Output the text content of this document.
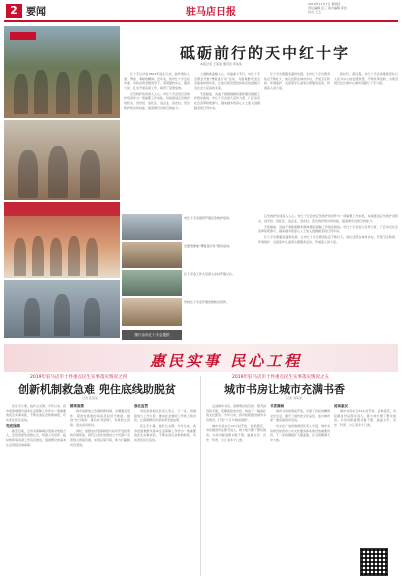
2 要闻	驻马店日报
2019年11月7日 星期四
责任编辑 张三 美术编辑 李四
校对 王五
市红十字会组织开展应急救护培训。
志愿者参加“博爱送万家”慰问活动。
红十字会工作人员深入乡村开展义诊。
学校红十字会开展急救知识宣传。
图片由市红十字会提供
砥砺前行的天中红十字
本报记者 王某某 通讯员 李某某

红十字运动自1863年诞生以来，始终秉持人道、博爱、奉献的精神。近年来，我市红十字会在市委、市政府的坚强领导下，紧紧围绕中心、服务大局，扎实开展各项工作，取得了显著成效。

应急救护培训深入人心。市红十字会把应急救护培训作为一项重要工作来抓，持续推进应急救护进机关、进学校、进社区、进企业、进农村，普及救护知识和技能，提高群众自救互救能力。

人道救助温暖人心。每逢重大节日，市红十字会都会开展“博爱送万家”活动，为困难群众送去米面油和慰问金，让他们感受到党和政府的温暖以及社会大家庭的关爱。

无偿献血、造血干细胞捐献和遗体器官捐献工作稳步推进。市红十字会加大宣传力度，广泛动员社会各界积极参与，越来越多的爱心人士加入到捐献者的行列中来。

红十字志愿服务蓬勃发展。全市红十字志愿者队伍不断壮大，他们活跃在城市乡村，开展卫生防病、环境保护、关爱留守儿童等志愿服务活动，传递着人间大爱。

新时代，新征程。市红十字会将继续坚持以人民为中心的发展思想，不断改革创新，为建设现代化区域中心城市贡献红十字力量。

应急救护培训深入人心。市红十字会把应急救护培训作为一项重要工作来抓，持续推进应急救护进机关、进学校、进社区、进企业、进农村，普及救护知识和技能，提高群众自救互救能力。

无偿献血、造血干细胞捐献和遗体器官捐献工作稳步推进。市红十字会加大宣传力度，广泛动员社会各界积极参与，越来越多的爱心人士加入到捐献者的行列中来。

红十字志愿服务蓬勃发展。全市红十字志愿者队伍不断壮大，他们活跃在城市乡村，开展卫生防病、环境保护、关爱留守儿童等志愿服务活动，传递着人间大爱。

惠民实事 民心工程
2019年驻马店市十件重点民生实事落实情况之四
创新机制救急难 兜住底线助脱贫
记者 张某某

民生无小事，枝叶总关情。今年以来，我市把困难群众基本生活保障工作作为一项重要的民生实事来抓，不断完善社会救助制度，切实兜住民生底线。

兜底保障

截至目前，全市共保障城乡低保对象数万人，发放低保资金数亿元，特困人员供养、临时救助等各项工作有序推进，困难群众的基本生活得到有效保障。

精准施策

我市创新建立急难救助机制，对遭遇突发性、紧迫性困难的家庭及时给予救助，做到“先行救助、事后补充说明”，有效防止因病、因灾返贫致贫。

同时，加强农村低保制度与扶贫开发政策的有效衔接，将符合条件的建档立卡贫困户全部纳入低保范围，实现应保尽保，助力打赢脱贫攻坚战。

强化监管

市民政局相关负责人表示，下一步，将继续加大工作力度，推动社会救助工作再上新台阶，让困难群众共享改革发展成果。

民生无小事，枝叶总关情。今年以来，我市把困难群众基本生活保障工作作为一项重要的民生实事来抓，不断完善社会救助制度，切实兜住民生底线。

2019年驻马店市十件重点民生实事落实情况之五
城市书房让城市充满书香
记者 刘某某

走进城市书房，宽敞明亮的空间、整齐排列的书架、安静阅读的市民，构成了一幅美好的文化图景。今年以来，我市积极推进城市书房建设，打造“十五分钟阅读圈”。

城市书房实行24小时开放、自助借还，市民刷身份证即可进入，极大地方便了群众阅读。书房内配备图书数千册，涵盖文学、历史、科普、少儿等多个门类。

书香满城

城市书房的建成开放，丰富了市民的精神文化生活，提升了城市的文化品位，成为城市里一道亮丽的风景线。

市文化广电和旅游局负责人介绍，城市书房建设是我市公共文化服务体系建设的重要内容，下一步将继续扩大覆盖面，让书香飘满天中大地。

阅读惠民

城市书房实行24小时开放、自助借还，市民刷身份证即可进入，极大地方便了群众阅读。书房内配备图书数千册，涵盖文学、历史、科普、少儿等多个门类。
